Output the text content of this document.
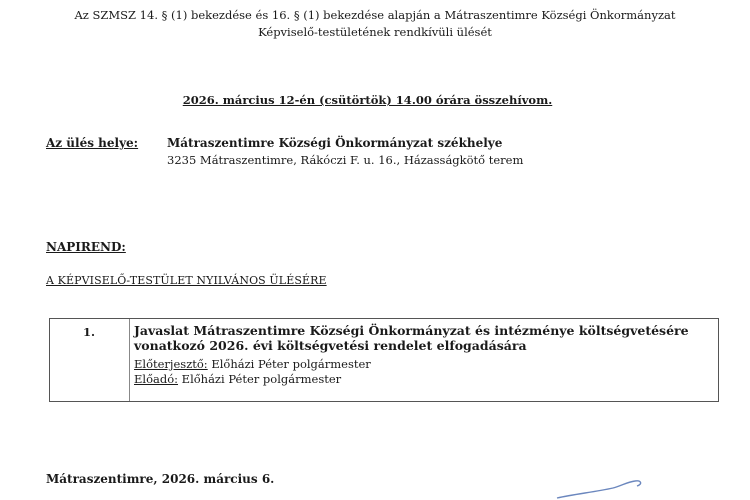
Az SZMSZ 14. § (1) bekezdése és 16. § (1) bekezdése alapján a Mátraszentimre Községi Önkormányzat
Képviselő-testületének rendkívüli ülését
2026. március 12-én (csütörtök) 14.00 órára összehívom.
Az ülés helye: Mátraszentimre Községi Önkormányzat székhelye
3235 Mátraszentimre, Rákóczi F. u. 16., Házasságkötő terem
NAPIREND:
A KÉPVISELŐ-TESTÜLET NYILVÁNOS ÜLÉSÉRE
1.	Javaslat Mátraszentimre Községi Önkormányzat és intézménye költségvetésére vonatkozó 2026. évi költségvetési rendelet elfogadására
Előterjesztő: Előházi Péter polgármester
Előadó: Előházi Péter polgármester
Mátraszentimre, 2026. március 6.
